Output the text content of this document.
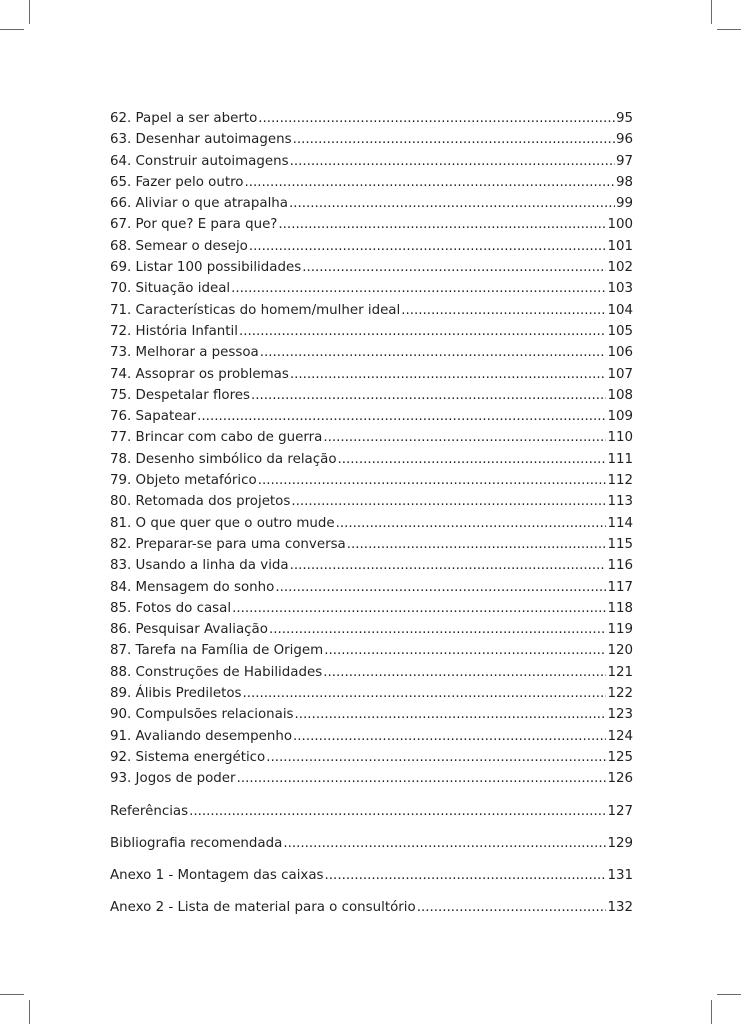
62. Papel a ser aberto .....	95
63. Desenhar autoimagens .....	96
64. Construir autoimagens .....	97
65. Fazer pelo outro .....	98
66. Aliviar o que atrapalha .....	99
67. Por que? E para que? .....	100
68. Semear o desejo .....	101
69. Listar 100 possibilidades .....	102
70. Situação ideal .....	103
71. Características do homem/mulher ideal .....	104
72. História Infantil .....	105
73. Melhorar a pessoa .....	106
74. Assoprar os problemas .....	107
75. Despetalar flores .....	108
76. Sapatear .....	109
77. Brincar com cabo de guerra .....	110
78. Desenho simbólico da relação .....	111
79. Objeto metafórico .....	112
80. Retomada dos projetos .....	113
81. O que quer que o outro mude .....	114
82. Preparar-se para uma conversa .....	115
83. Usando a linha da vida .....	116
84. Mensagem do sonho .....	117
85. Fotos do casal .....	118
86. Pesquisar Avaliação .....	119
87. Tarefa na Família de Origem .....	120
88. Construções de Habilidades .....	121
89. Álibis Prediletos .....	122
90. Compulsões relacionais .....	123
91. Avaliando desempenho .....	124
92. Sistema energético .....	125
93. Jogos de poder .....	126
Referências .....	127
Bibliografia recomendada .....	129
Anexo 1 - Montagem das caixas .....	131
Anexo 2 - Lista de material para o consultório .....	132
